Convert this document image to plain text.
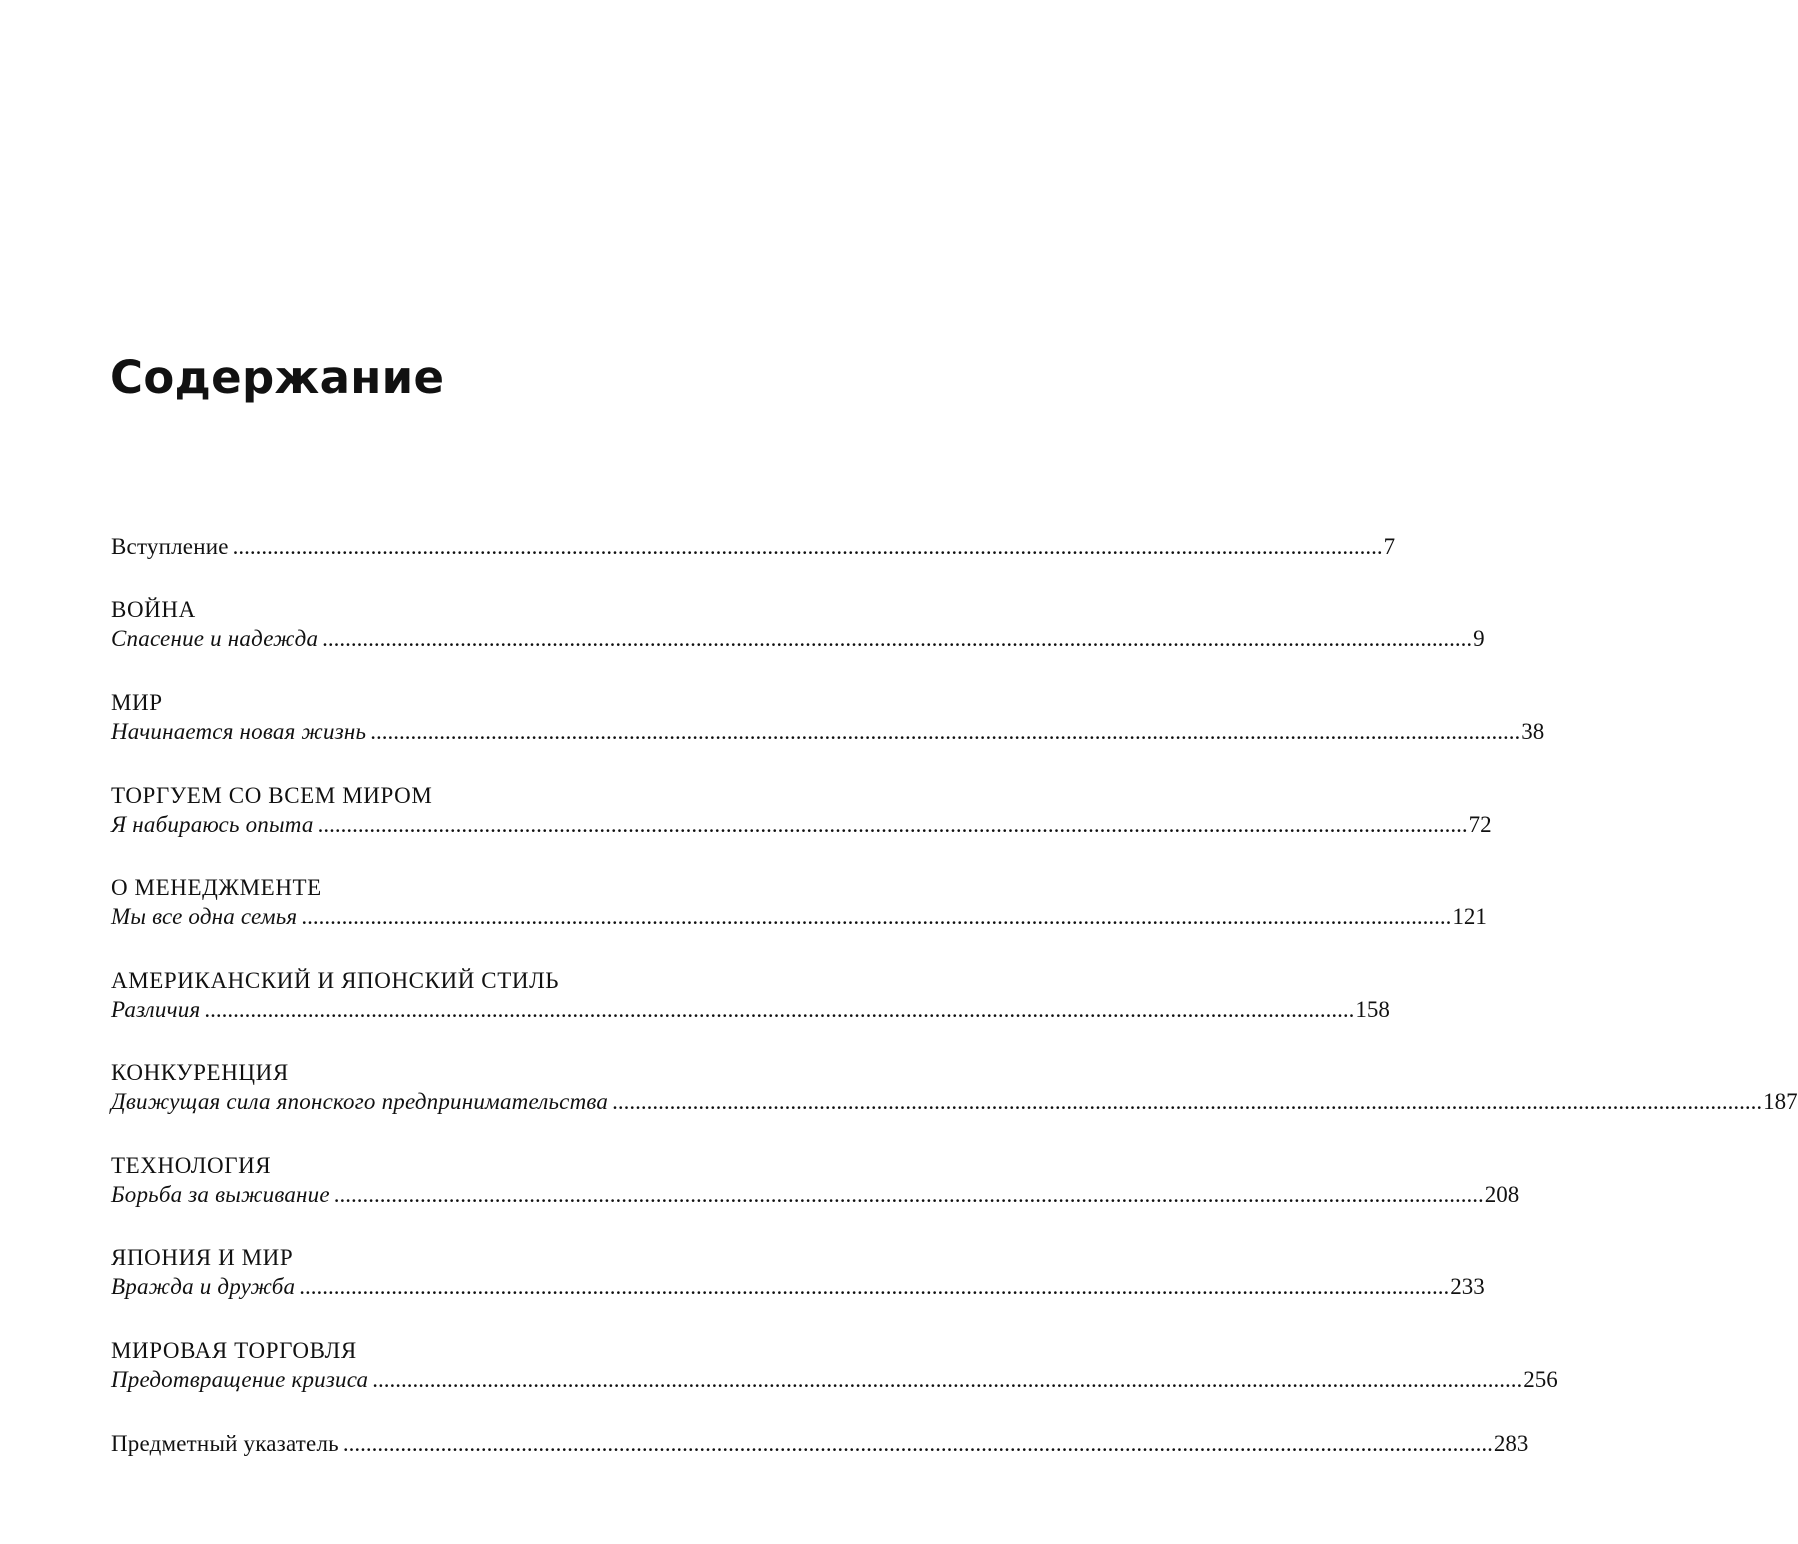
Содержание
Вступление ........................................................................................................................................................................................................ 7
ВОЙНА
Спасение и надежда ........................................................................................................................................................................................................ 9
МИР
Начинается новая жизнь ........................................................................................................................................................................................................ 38
ТОРГУЕМ СО ВСЕМ МИРОМ
Я набираюсь опыта ........................................................................................................................................................................................................ 72
О МЕНЕДЖМЕНТЕ
Мы все одна семья ........................................................................................................................................................................................................ 121
АМЕРИКАНСКИЙ И ЯПОНСКИЙ СТИЛЬ
Различия ........................................................................................................................................................................................................ 158
КОНКУРЕНЦИЯ
Движущая сила японского предпринимательства ........................................................................................................................................................................................................ 187
ТЕХНОЛОГИЯ
Борьба за выживание ........................................................................................................................................................................................................ 208
ЯПОНИЯ И МИР
Вражда и дружба ........................................................................................................................................................................................................ 233
МИРОВАЯ ТОРГОВЛЯ
Предотвращение кризиса ........................................................................................................................................................................................................ 256
Предметный указатель ........................................................................................................................................................................................................ 283
